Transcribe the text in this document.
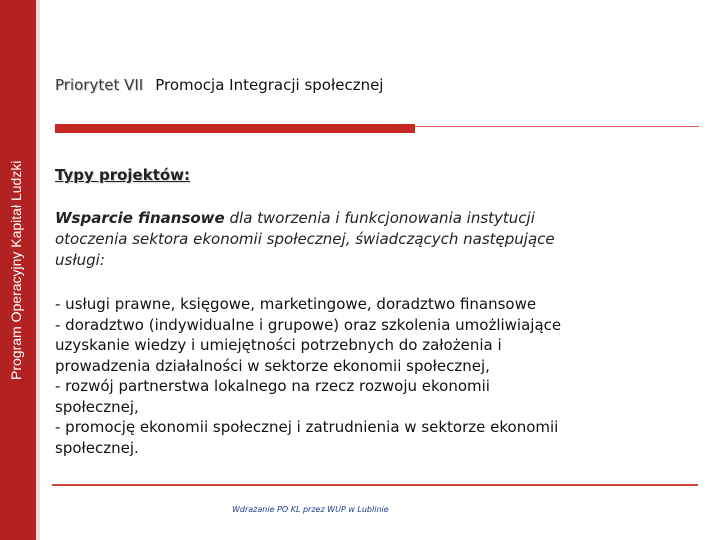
Program Operacyjny Kapitał Ludzki
Priorytet VII Promocja Integracji społecznej
Typy projektów:
Wsparcie finansowe dla tworzenia i funkcjonowania instytucji
otoczenia sektora ekonomii społecznej, świadczących następujące
usługi:
- usługi prawne, księgowe, marketingowe, doradztwo finansowe
- doradztwo (indywidualne i grupowe) oraz szkolenia umożliwiające
uzyskanie wiedzy i umiejętności potrzebnych do założenia i
prowadzenia działalności w sektorze ekonomii społecznej,
- rozwój partnerstwa lokalnego na rzecz rozwoju ekonomii
społecznej,
- promocję ekonomii społecznej i zatrudnienia w sektorze ekonomii
społecznej.
Wdrażanie PO KL przez WUP w Lublinie
